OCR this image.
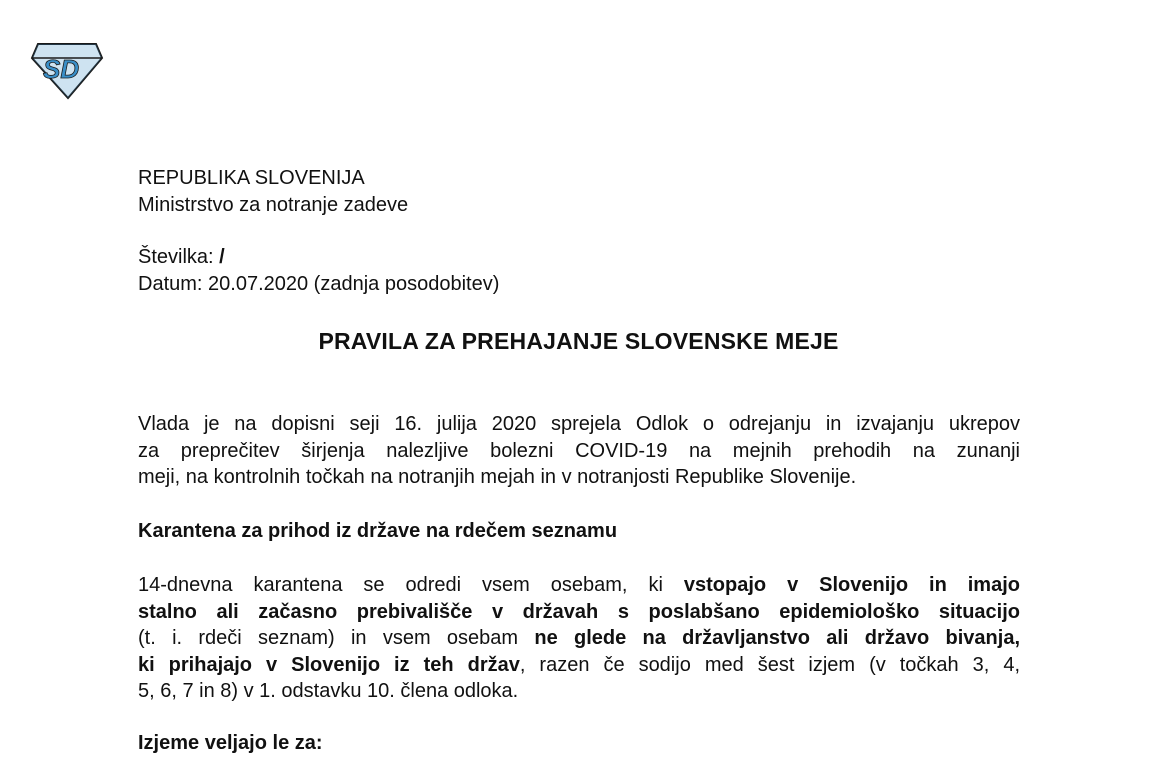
SD
REPUBLIKA SLOVENIJA
Ministrstvo za notranje zadeve
Številka: /
Datum: 20.07.2020 (zadnja posodobitev)
PRAVILA ZA PREHAJANJE SLOVENSKE MEJE
Vlada je na dopisni seji 16. julija 2020 sprejela Odlok o odrejanju in izvajanju ukrepov
za preprečitev širjenja nalezljive bolezni COVID-19 na mejnih prehodih na zunanji
meji, na kontrolnih točkah na notranjih mejah in v notranjosti Republike Slovenije.
Karantena za prihod iz države na rdečem seznamu
14-dnevna karantena se odredi vsem osebam, ki vstopajo v Slovenijo in imajo
stalno ali začasno prebivališče v državah s poslabšano epidemiološko situacijo
(t. i. rdeči seznam) in vsem osebam ne glede na državljanstvo ali državo bivanja,
ki prihajajo v Slovenijo iz teh držav, razen če sodijo med šest izjem (v točkah 3, 4,
5, 6, 7 in 8) v 1. odstavku 10. člena odloka.
Izjeme veljajo le za:
